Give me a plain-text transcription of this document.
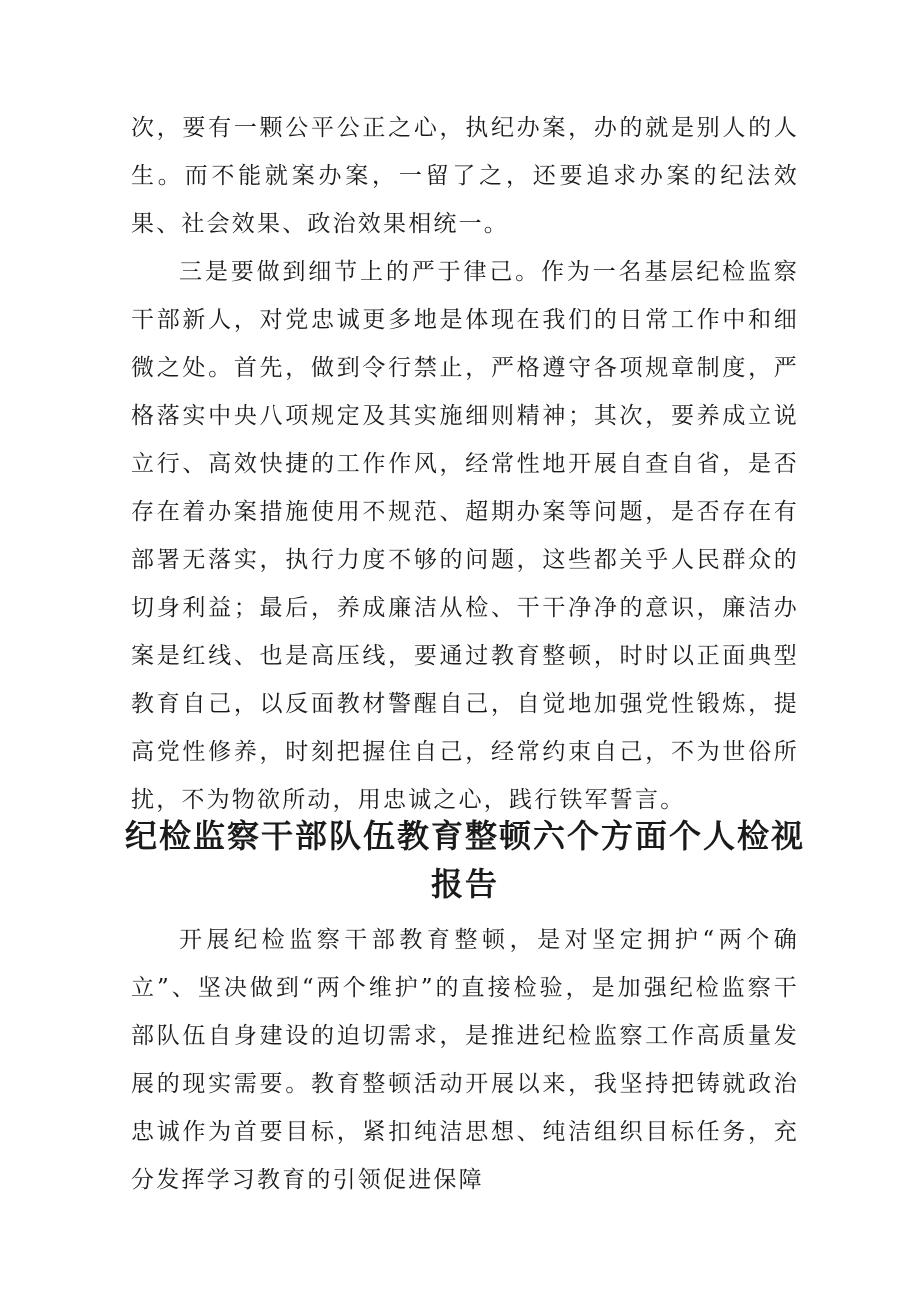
次，要有一颗公平公正之心，执纪办案，办的就是别人的人生。而不能就案办案，一留了之，还要追求办案的纪法效果、社会效果、政治效果相统一。

三是要做到细节上的严于律己。作为一名基层纪检监察干部新人，对党忠诚更多地是体现在我们的日常工作中和细微之处。首先，做到令行禁止，严格遵守各项规章制度，严格落实中央八项规定及其实施细则精神；其次，要养成立说立行、高效快捷的工作作风，经常性地开展自查自省，是否存在着办案措施使用不规范、超期办案等问题，是否存在有部署无落实，执行力度不够的问题，这些都关乎人民群众的切身利益；最后，养成廉洁从检、干干净净的意识，廉洁办案是红线、也是高压线，要通过教育整顿，时时以正面典型教育自己，以反面教材警醒自己，自觉地加强党性锻炼，提高党性修养，时刻把握住自己，经常约束自己，不为世俗所扰，不为物欲所动，用忠诚之心，践行铁军誓言。

纪检监察干部队伍教育整顿六个方面个人检视报告

开展纪检监察干部教育整顿，是对坚定拥护“两个确立”、坚决做到“两个维护”的直接检验，是加强纪检监察干部队伍自身建设的迫切需求，是推进纪检监察工作高质量发展的现实需要。教育整顿活动开展以来，我坚持把铸就政治忠诚作为首要目标，紧扣纯洁思想、纯洁组织目标任务，充分发挥学习教育的引领促进保障
